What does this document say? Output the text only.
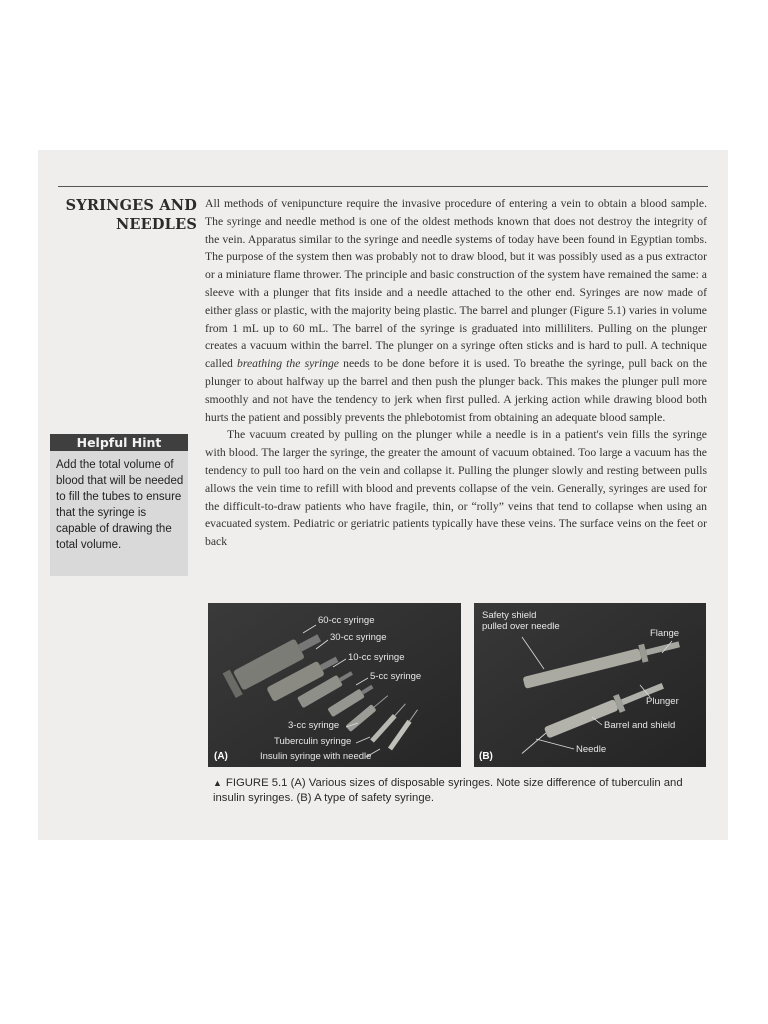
SYRINGES AND
NEEDLES

All methods of venipuncture require the invasive procedure of entering a vein to obtain a blood sample. The syringe and needle method is one of the oldest methods known that does not destroy the integrity of the vein. Apparatus similar to the syringe and needle systems of today have been found in Egyptian tombs. The purpose of the system then was probably not to draw blood, but it was possibly used as a pus extractor or a miniature flame thrower. The principle and basic construction of the system have remained the same: a sleeve with a plunger that fits inside and a needle attached to the other end. Syringes are now made of either glass or plastic, with the majority being plastic. The barrel and plunger (Figure 5.1) varies in volume from 1 mL up to 60 mL. The barrel of the syringe is graduated into milliliters. Pulling on the plunger creates a vacuum within the barrel. The plunger on a syringe often sticks and is hard to pull. A technique called breathing the syringe needs to be done before it is used. To breathe the syringe, pull back on the plunger to about halfway up the barrel and then push the plunger back. This makes the plunger pull more smoothly and not have the tendency to jerk when first pulled. A jerking action while drawing blood both hurts the patient and possibly prevents the phlebotomist from obtaining an adequate blood sample.

The vacuum created by pulling on the plunger while a needle is in a patient's vein fills the syringe with blood. The larger the syringe, the greater the amount of vacuum obtained. Too large a vacuum has the tendency to pull too hard on the vein and collapse it. Pulling the plunger slowly and resting between pulls allows the vein time to refill with blood and prevents collapse of the vein. Generally, syringes are used for the difficult-to-draw patients who have fragile, thin, or “rolly” veins that tend to collapse when using an evacuated system. Pediatric or geriatric patients typically have these veins. The surface veins on the feet or back

Helpful Hint
Add the total volume of blood that will be needed to fill the tubes to ensure that the syringe is capable of drawing the total volume.
60-cc syringe
30-cc syringe
10-cc syringe
5-cc syringe
3-cc syringe
Tuberculin syringe
Insulin syringe with needle
(A)
Safety shield
pulled over needle
Flange
Plunger
Barrel and shield
Needle
(B)
▲ FIGURE 5.1 (A) Various sizes of disposable syringes. Note size difference of tuberculin and insulin syringes. (B) A type of safety syringe.
